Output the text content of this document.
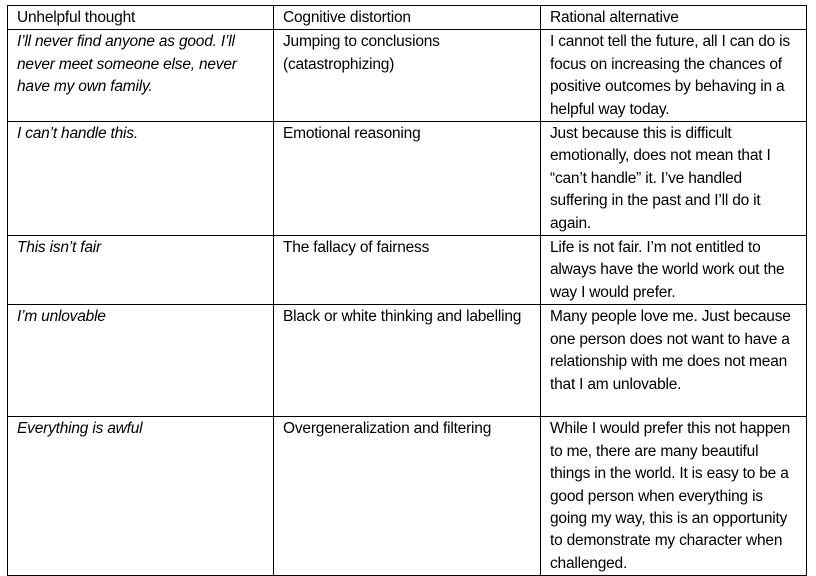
Unhelpful thought	Cognitive distortion	Rational alternative
I’ll never find anyone as good. I’ll never meet someone else, never have my own family.	Jumping to conclusions (catastrophizing)	I cannot tell the future, all I can do is focus on increasing the chances of positive outcomes by behaving in a helpful way today.
I can’t handle this.	Emotional reasoning	Just because this is difficult emotionally, does not mean that I “can’t handle” it. I’ve handled suffering in the past and I’ll do it again.
This isn’t fair	The fallacy of fairness	Life is not fair. I’m not entitled to always have the world work out the way I would prefer.
I’m unlovable	Black or white thinking and labelling	Many people love me. Just because one person does not want to have a relationship with me does not mean that I am unlovable.
Everything is awful	Overgeneralization and filtering	While I would prefer this not happen to me, there are many beautiful things in the world. It is easy to be a good person when everything is going my way, this is an opportunity to demonstrate my character when challenged.
